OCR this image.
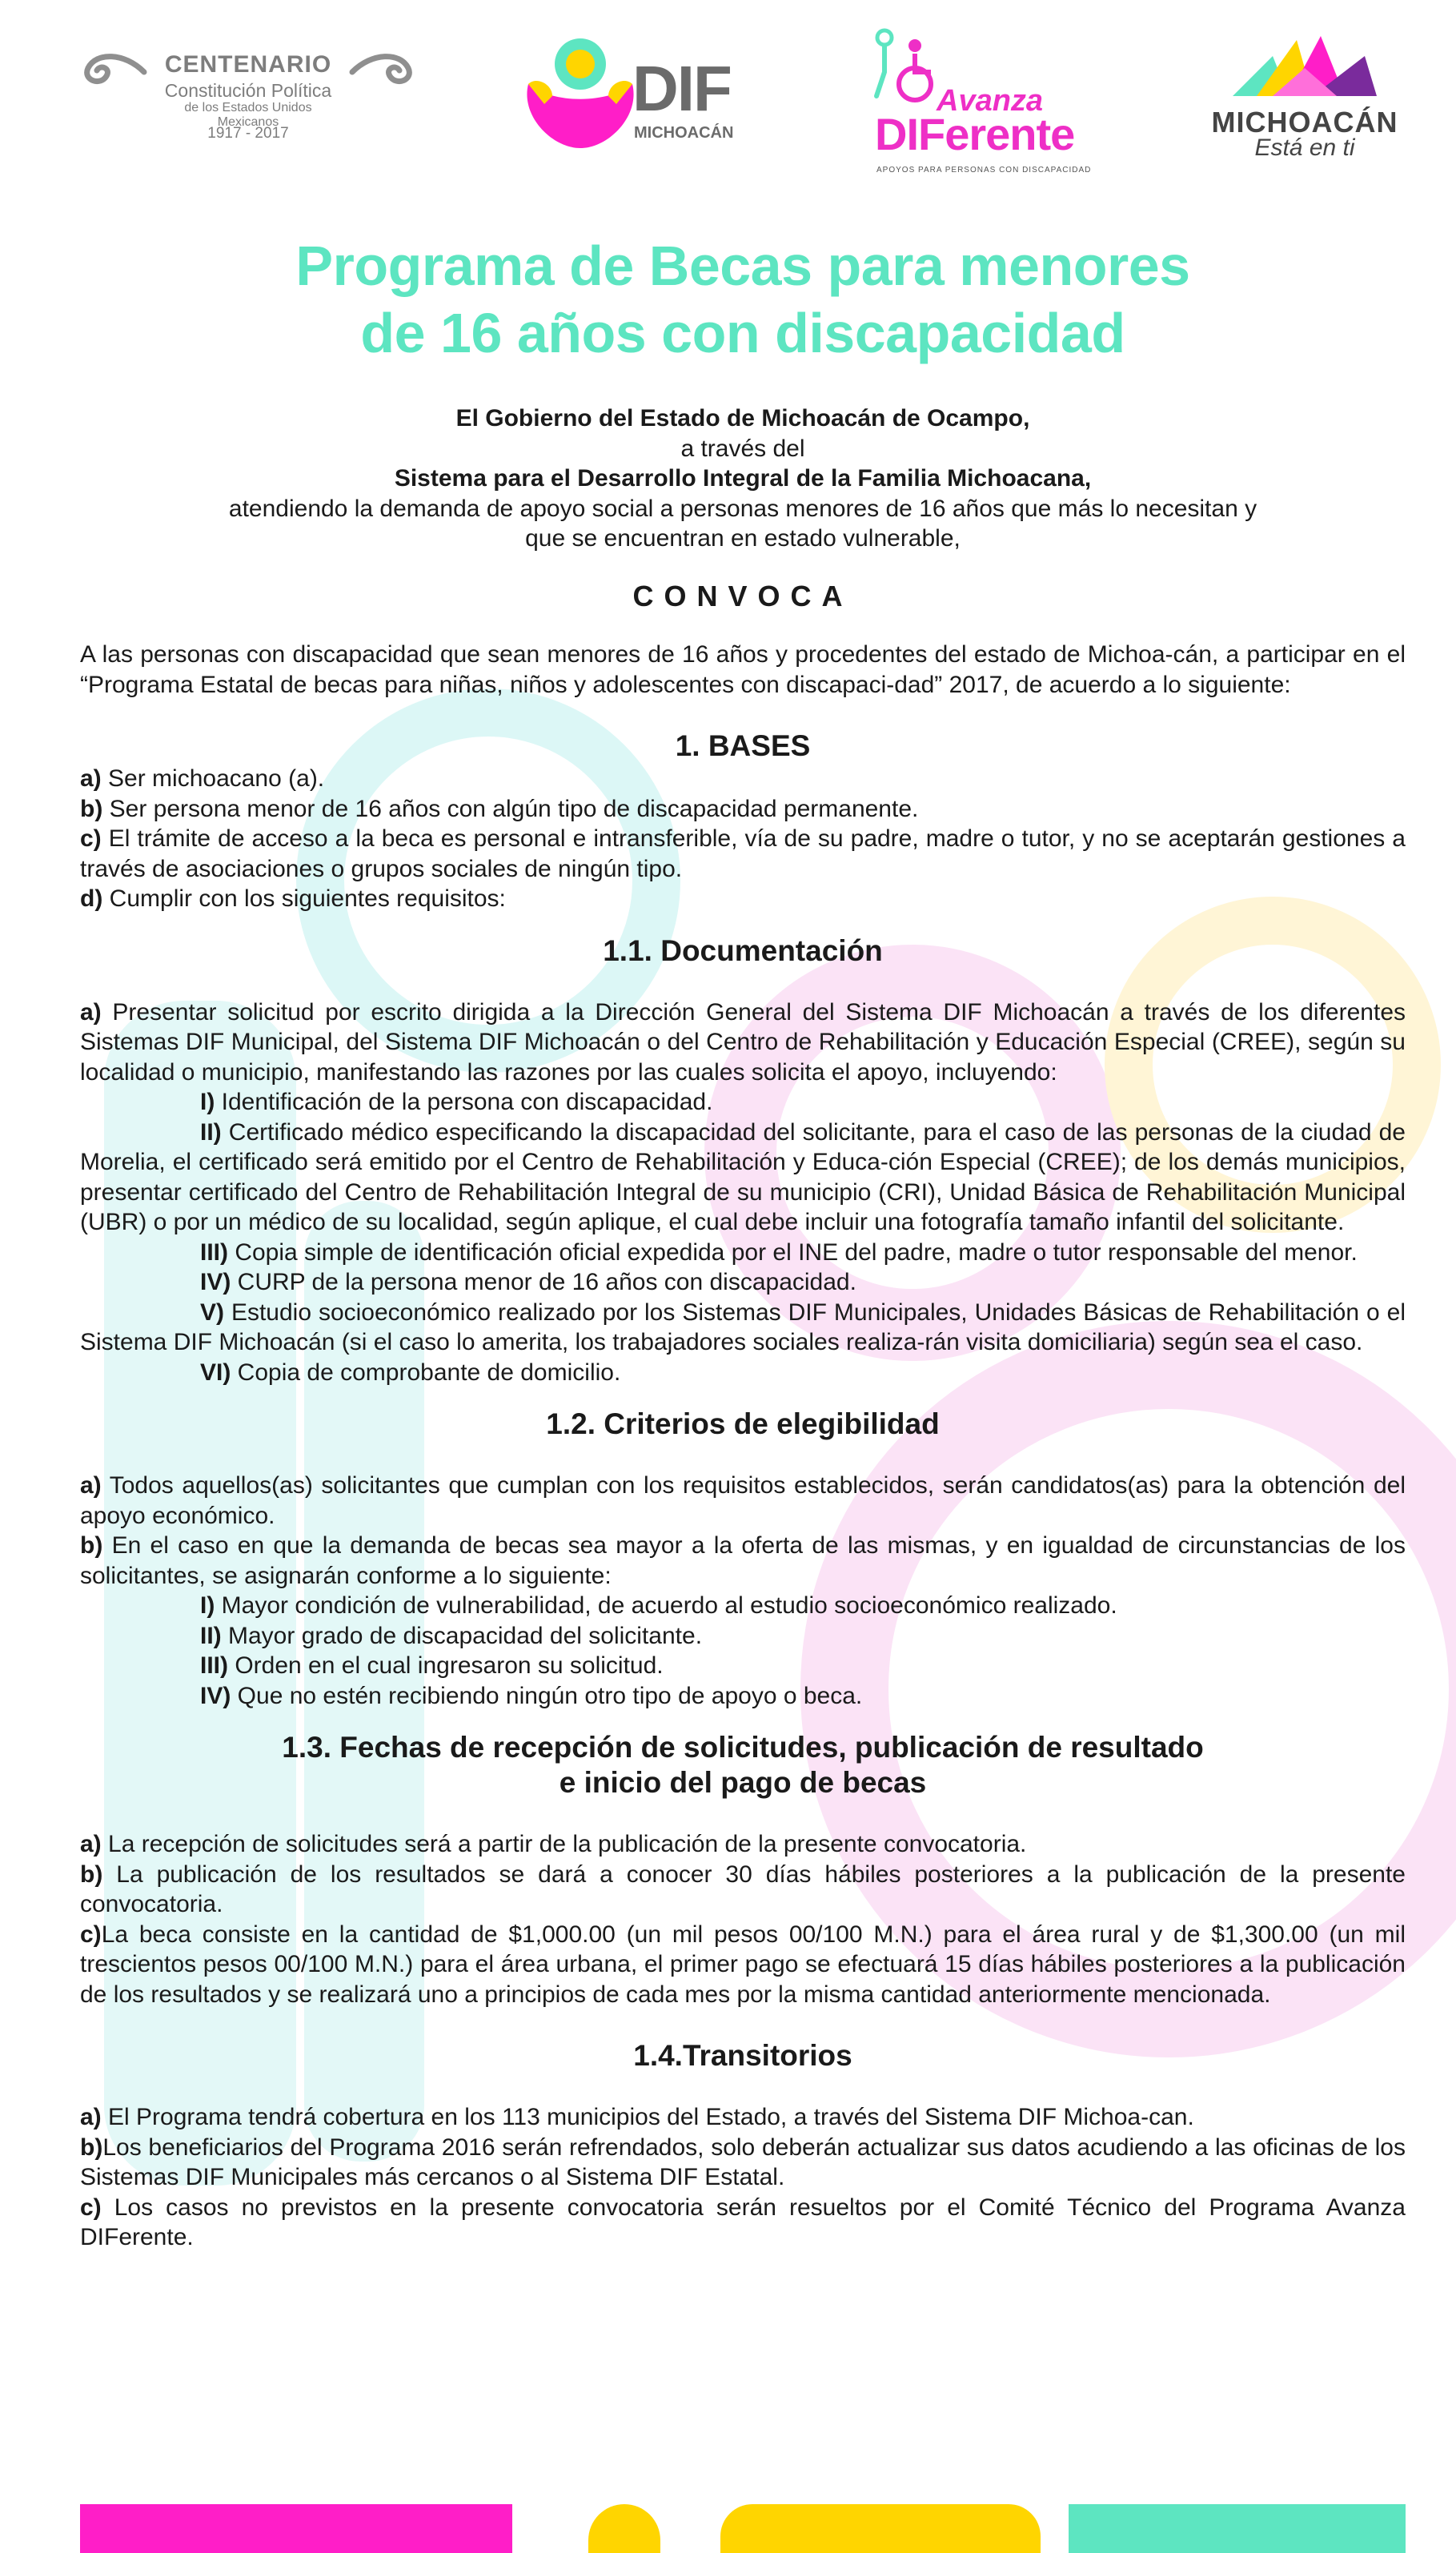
CENTENARIO
Constitución Política
de los Estados Unidos Mexicanos
1917 - 2017
DIF
MICHOACÁN
Avanza
DIFerente
APOYOS PARA PERSONAS CON DISCAPACIDAD
MICHOACÁN
Está en ti
Programa de Becas para menores
de 16 años con discapacidad
El Gobierno del Estado de Michoacán de Ocampo,
a través del
Sistema para el Desarrollo Integral de la Familia Michoacana,
atendiendo la demanda de apoyo social a personas menores de 16 años que más lo necesitan y
que se encuentran en estado vulnerable,
CONVOCA

A las personas con discapacidad que sean menores de 16 años y procedentes del estado de Michoa-cán, a participar en el “Programa Estatal de becas para niñas, niños y adolescentes con discapaci-dad” 2017, de acuerdo a lo siguiente:

1. BASES

a) Ser michoacano (a).

b) Ser persona menor de 16 años con algún tipo de discapacidad permanente.

c) El trámite de acceso a la beca es personal e intransferible, vía de su padre, madre o tutor, y no se aceptarán gestiones a través de asociaciones o grupos sociales de ningún tipo.

d) Cumplir con los siguientes requisitos:

1.1. Documentación

a) Presentar solicitud por escrito dirigida a la Dirección General del Sistema DIF Michoacán a través de los diferentes Sistemas DIF Municipal, del Sistema DIF Michoacán o del Centro de Rehabilitación y Educación Especial (CREE), según su localidad o municipio, manifestando las razones por las cuales solicita el apoyo, incluyendo:

I) Identificación de la persona con discapacidad.

II) Certificado médico especificando la discapacidad del solicitante, para el caso de las personas de la ciudad de Morelia, el certificado será emitido por el Centro de Rehabilitación y Educa-ción Especial (CREE); de los demás municipios, presentar certificado del Centro de Rehabilitación Integral de su municipio (CRI), Unidad Básica de Rehabilitación Municipal (UBR) o por un médico de su localidad, según aplique, el cual debe incluir una fotografía tamaño infantil del solicitante.

III) Copia simple de identificación oficial expedida por el INE del padre, madre o tutor responsable del menor.

IV) CURP de la persona menor de 16 años con discapacidad.

V) Estudio socioeconómico realizado por los Sistemas DIF Municipales, Unidades Básicas de Rehabilitación o el Sistema DIF Michoacán (si el caso lo amerita, los trabajadores sociales realiza-rán visita domiciliaria) según sea el caso.

VI) Copia de comprobante de domicilio.

1.2. Criterios de elegibilidad

a) Todos aquellos(as) solicitantes que cumplan con los requisitos establecidos, serán candidatos(as) para la obtención del apoyo económico.

b) En el caso en que la demanda de becas sea mayor a la oferta de las mismas, y en igualdad de circunstancias de los solicitantes, se asignarán conforme a lo siguiente:

I) Mayor condición de vulnerabilidad, de acuerdo al estudio socioeconómico realizado.

II) Mayor grado de discapacidad del solicitante.

III) Orden en el cual ingresaron su solicitud.

IV) Que no estén recibiendo ningún otro tipo de apoyo o beca.

1.3. Fechas de recepción de solicitudes, publicación de resultado
e inicio del pago de becas

a) La recepción de solicitudes será a partir de la publicación de la presente convocatoria.

b) La publicación de los resultados se dará a conocer 30 días hábiles posteriores a la publicación de la presente convocatoria.

c)La beca consiste en la cantidad de $1,000.00 (un mil pesos 00/100 M.N.) para el área rural y de $1,300.00 (un mil trescientos pesos 00/100 M.N.) para el área urbana, el primer pago se efectuará 15 días hábiles posteriores a la publicación de los resultados y se realizará uno a principios de cada mes por la misma cantidad anteriormente mencionada.

1.4.Transitorios

a) El Programa tendrá cobertura en los 113 municipios del Estado, a través del Sistema DIF Michoa-can.

b)Los beneficiarios del Programa 2016 serán refrendados, solo deberán actualizar sus datos acudiendo a las oficinas de los Sistemas DIF Municipales más cercanos o al Sistema DIF Estatal.

c) Los casos no previstos en la presente convocatoria serán resueltos por el Comité Técnico del Programa Avanza DIFerente.
